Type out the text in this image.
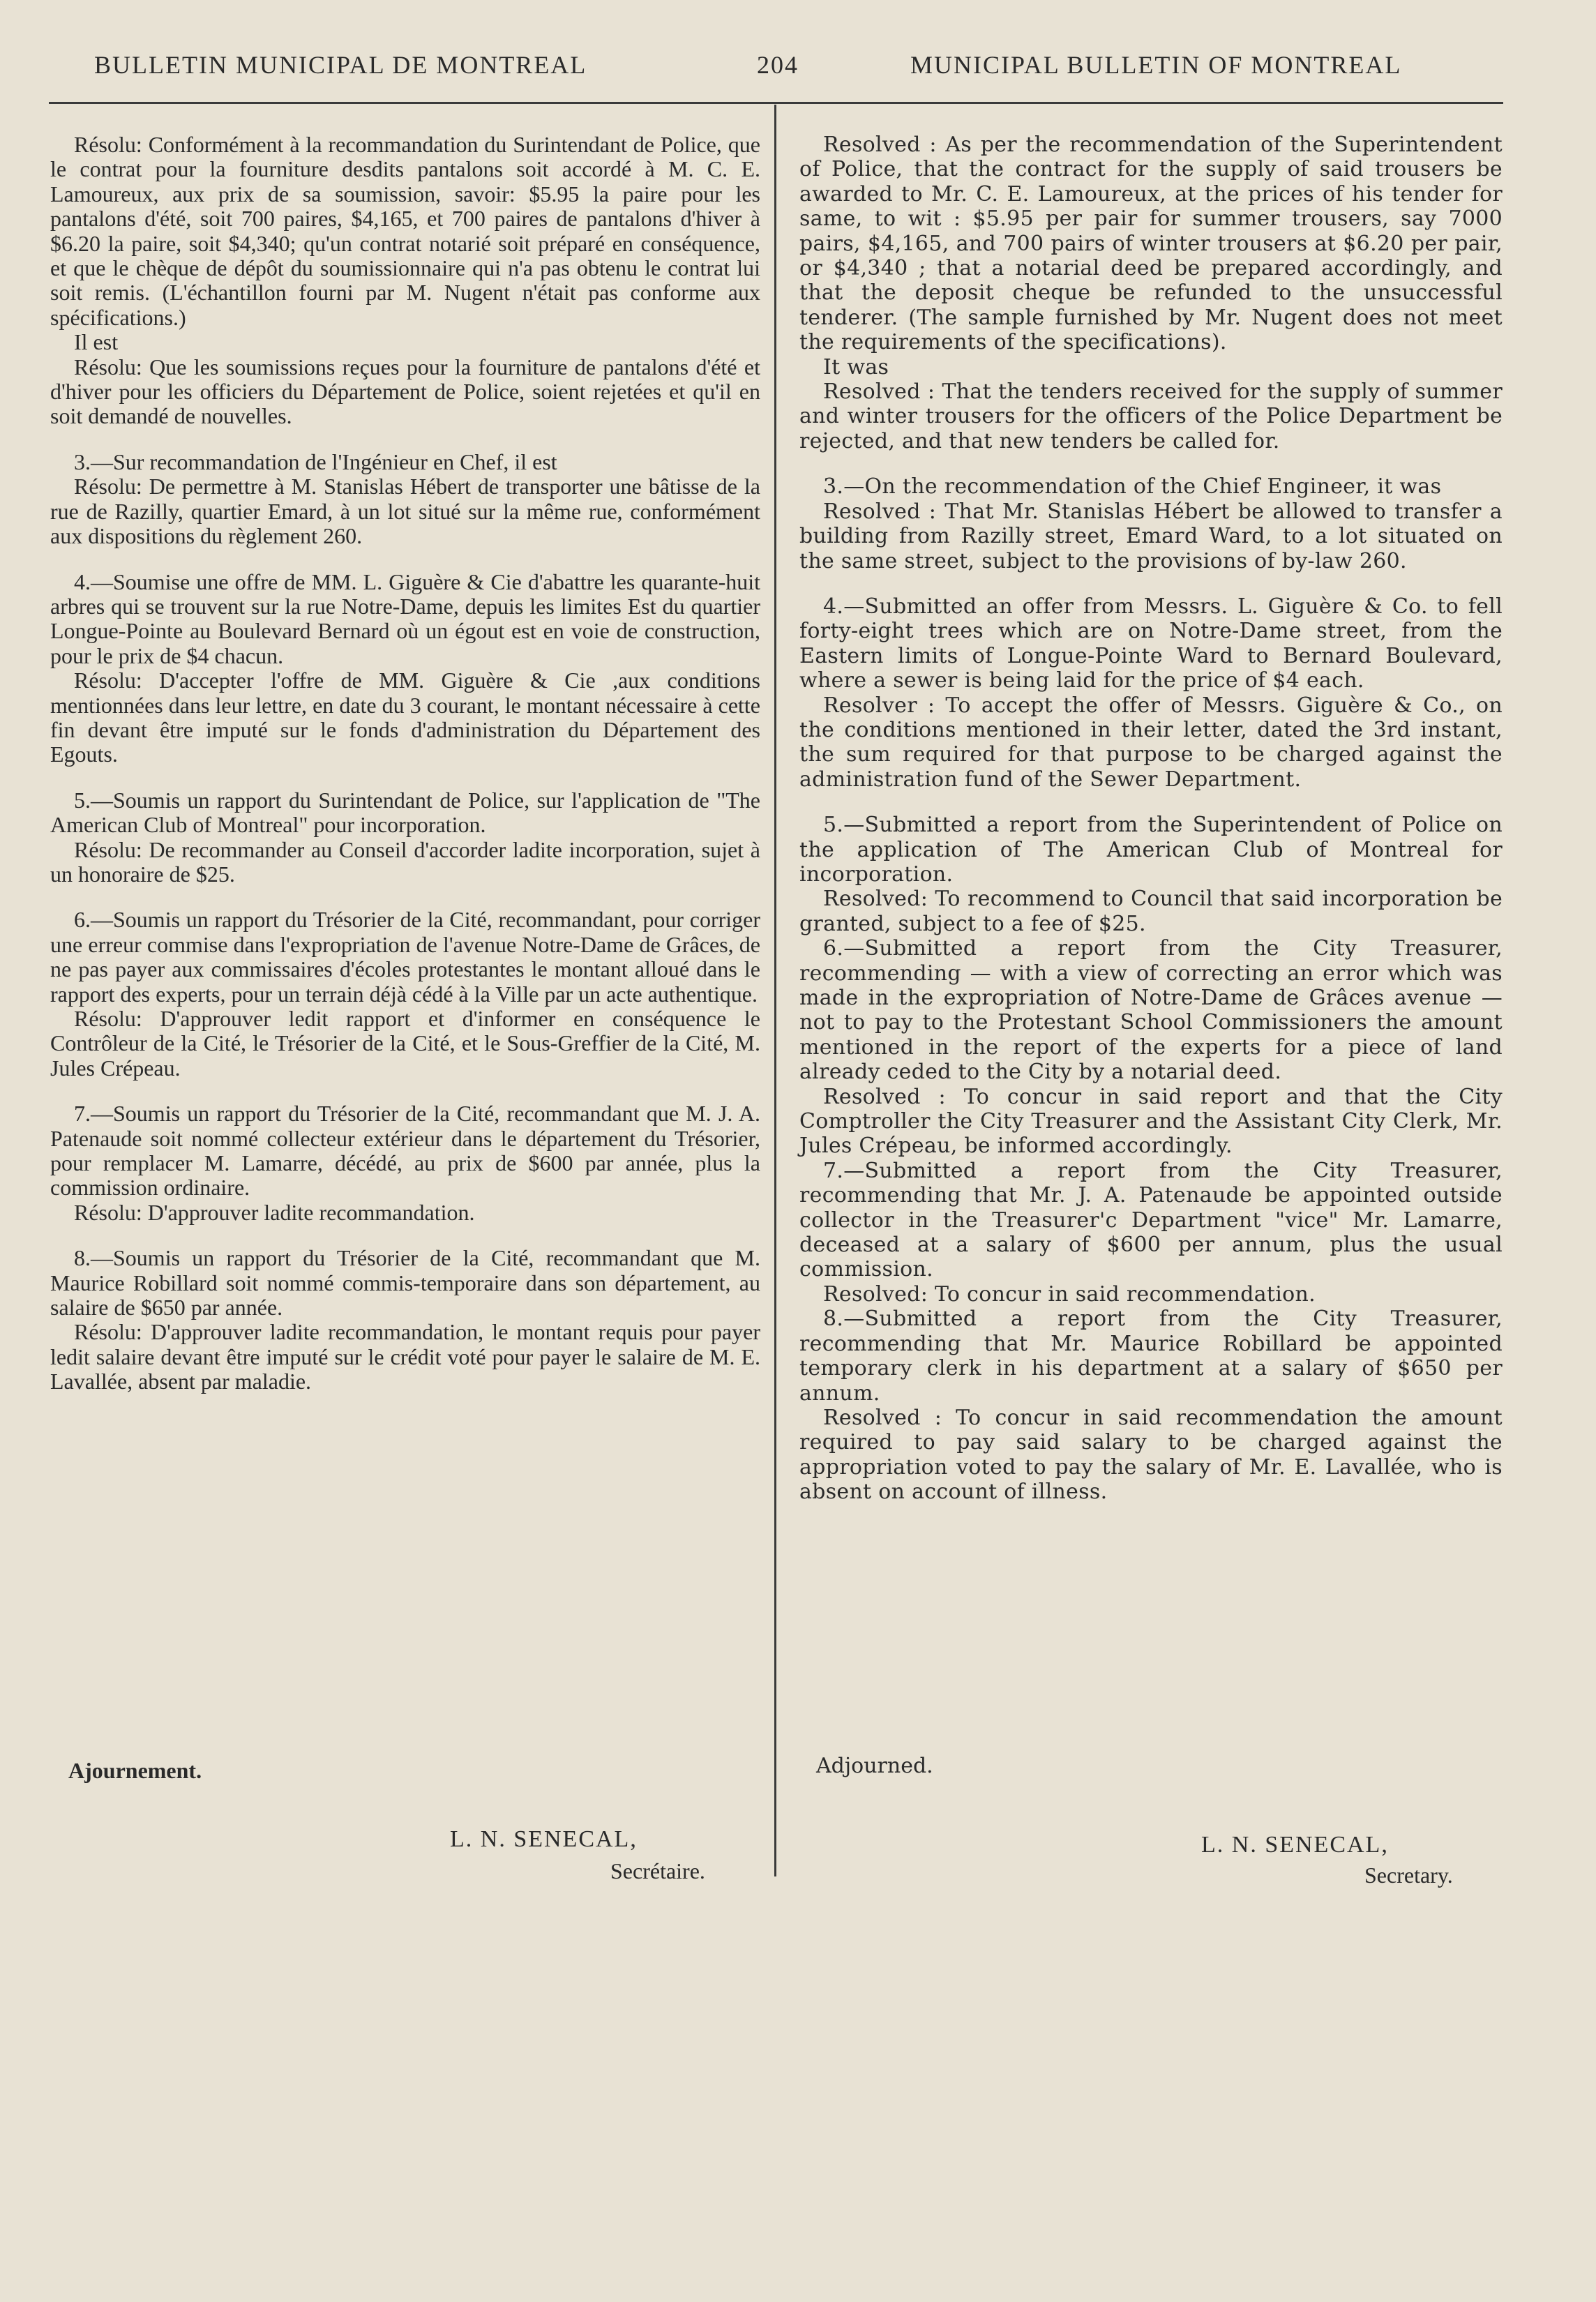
BULLETIN MUNICIPAL DE MONTREAL	204	MUNICIPAL BULLETIN OF MONTREAL

Résolu: Conformément à la recommandation du Surintendant de Police, que le contrat pour la fourniture desdits pantalons soit accordé à M. C. E. Lamoureux, aux prix de sa soumission, savoir: $5.95 la paire pour les pantalons d'été, soit 700 paires, $4,165, et 700 paires de pantalons d'hiver à $6.20 la paire, soit $4,340; qu'un contrat notarié soit préparé en conséquence, et que le chèque de dépôt du soumissionnaire qui n'a pas obtenu le contrat lui soit remis. (L'échantillon fourni par M. Nugent n'était pas conforme aux spécifications.)

Il est

Résolu: Que les soumissions reçues pour la fourniture de pantalons d'été et d'hiver pour les officiers du Département de Police, soient rejetées et qu'il en soit demandé de nouvelles.

3.—Sur recommandation de l'Ingénieur en Chef, il est

Résolu: De permettre à M. Stanislas Hébert de transporter une bâtisse de la rue de Razilly, quartier Emard, à un lot situé sur la même rue, conformément aux dispositions du règlement 260.

4.—Soumise une offre de MM. L. Giguère & Cie d'abattre les quarante-huit arbres qui se trouvent sur la rue Notre-Dame, depuis les limites Est du quartier Longue-Pointe au Boulevard Bernard où un égout est en voie de construction, pour le prix de $4 chacun.

Résolu: D'accepter l'offre de MM. Giguère & Cie ,aux conditions mentionnées dans leur lettre, en date du 3 courant, le montant nécessaire à cette fin devant être imputé sur le fonds d'administration du Département des Egouts.

5.—Soumis un rapport du Surintendant de Police, sur l'application de "The American Club of Montreal" pour incorporation.

Résolu: De recommander au Conseil d'accorder ladite incorporation, sujet à un honoraire de $25.

6.—Soumis un rapport du Trésorier de la Cité, recommandant, pour corriger une erreur commise dans l'expropriation de l'avenue Notre-Dame de Grâces, de ne pas payer aux commissaires d'écoles protestantes le montant alloué dans le rapport des experts, pour un terrain déjà cédé à la Ville par un acte authentique.

Résolu: D'approuver ledit rapport et d'informer en conséquence le Contrôleur de la Cité, le Trésorier de la Cité, et le Sous-Greffier de la Cité, M. Jules Crépeau.

7.—Soumis un rapport du Trésorier de la Cité, recommandant que M. J. A. Patenaude soit nommé collecteur extérieur dans le département du Trésorier, pour remplacer M. Lamarre, décédé, au prix de $600 par année, plus la commission ordinaire.

Résolu: D'approuver ladite recommandation.

8.—Soumis un rapport du Trésorier de la Cité, recommandant que M. Maurice Robillard soit nommé commis-temporaire dans son département, au salaire de $650 par année.

Résolu: D'approuver ladite recommandation, le montant requis pour payer ledit salaire devant être imputé sur le crédit voté pour payer le salaire de M. E. Lavallée, absent par maladie.

Resolved : As per the recommendation of the Superintendent of Police, that the contract for the supply of said trousers be awarded to Mr. C. E. Lamoureux, at the prices of his tender for same, to wit : $5.95 per pair for summer trousers, say 7000 pairs, $4,165, and 700 pairs of winter trousers at $6.20 per pair, or $4,340 ; that a notarial deed be prepared accordingly, and that the deposit cheque be refunded to the unsuccessful tenderer. (The sample furnished by Mr. Nugent does not meet the requirements of the specifications).

It was

Resolved : That the tenders received for the supply of summer and winter trousers for the officers of the Police Department be rejected, and that new tenders be called for.

3.—On the recommendation of the Chief Engineer, it was

Resolved : That Mr. Stanislas Hébert be allowed to transfer a building from Razilly street, Emard Ward, to a lot situated on the same street, subject to the provisions of by-law 260.

4.—Submitted an offer from Messrs. L. Giguère & Co. to fell forty-eight trees which are on Notre-Dame street, from the Eastern limits of Longue-Pointe Ward to Bernard Boulevard, where a sewer is being laid for the price of $4 each.

Resolver : To accept the offer of Messrs. Giguère & Co., on the conditions mentioned in their letter, dated the 3rd instant, the sum required for that purpose to be charged against the administration fund of the Sewer Department.

5.—Submitted a report from the Superintendent of Police on the application of The American Club of Montreal for incorporation.

Resolved: To recommend to Council that said incorporation be granted, subject to a fee of $25.

6.—Submitted a report from the City Treasurer, recommending — with a view of correcting an error which was made in the expropriation of Notre-Dame de Grâces avenue — not to pay to the Protestant School Commissioners the amount mentioned in the report of the experts for a piece of land already ceded to the City by a notarial deed.

Resolved : To concur in said report and that the City Comptroller the City Treasurer and the Assistant City Clerk, Mr. Jules Crépeau, be informed accordingly.

7.—Submitted a report from the City Treasurer, recommending that Mr. J. A. Patenaude be appointed outside collector in the Treasurer'c Department "vice" Mr. Lamarre, deceased at a salary of $600 per annum, plus the usual commission.

Resolved: To concur in said recommendation.

8.—Submitted a report from the City Treasurer, recommending that Mr. Maurice Robillard be appointed temporary clerk in his department at a salary of $650 per annum.

Resolved : To concur in said recommendation the amount required to pay said salary to be charged against the appropriation voted to pay the salary of Mr. E. Lavallée, who is absent on account of illness.

Ajournement.	Adjourned.
L. N. SENECAL,
Secrétaire.
L. N. SENECAL,
Secretary.
